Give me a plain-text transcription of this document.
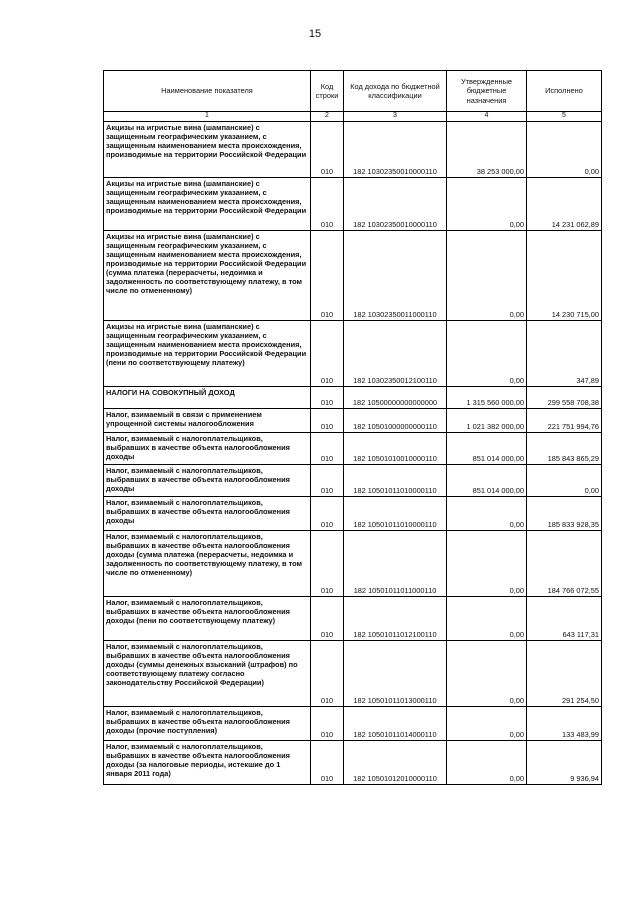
15
Наименование показателя	Код строки	Код дохода по бюджетной классификации	Утвержденные бюджетные назначения	Исполнено
1	2	3	4	5
Акцизы на игристые вина (шампанские) с защищенным географическим указанием, с защищенным наименованием места происхождения, производимые на территории Российской Федерации	010	182 10302350010000110	38 253 000,00	0,00
Акцизы на игристые вина (шампанские) с защищенным географическим указанием, с защищенным наименованием места происхождения, производимые на территории Российской Федерации	010	182 10302350010000110	0,00	14 231 062,89
Акцизы на игристые вина (шампанские) с защищенным географическим указанием, с защищенным наименованием места происхождения, производимые на территории Российской Федерации (сумма платежа (перерасчеты, недоимка и задолженность по соответствующему платежу, в том числе по отмененному)	010	182 10302350011000110	0,00	14 230 715,00
Акцизы на игристые вина (шампанские) с защищенным географическим указанием, с защищенным наименованием места происхождения, производимые на территории Российской Федерации (пени по соответствующему платежу)	010	182 10302350012100110	0,00	347,89
НАЛОГИ НА СОВОКУПНЫЙ ДОХОД	010	182 10500000000000000	1 315 560 000,00	299 558 708,38
Налог, взимаемый в связи с применением упрощенной системы налогообложения	010	182 10501000000000110	1 021 382 000,00	221 751 994,76
Налог, взимаемый с налогоплательщиков, выбравших в качестве объекта налогообложения доходы	010	182 10501010010000110	851 014 000,00	185 843 865,29
Налог, взимаемый с налогоплательщиков, выбравших в качестве объекта налогообложения доходы	010	182 10501011010000110	851 014 000,00	0,00
Налог, взимаемый с налогоплательщиков, выбравших в качестве объекта налогообложения доходы	010	182 10501011010000110	0,00	185 833 928,35
Налог, взимаемый с налогоплательщиков, выбравших в качестве объекта налогообложения доходы (сумма платежа (перерасчеты, недоимка и задолженность по соответствующему платежу, в том числе по отмененному)	010	182 10501011011000110	0,00	184 766 072,55
Налог, взимаемый с налогоплательщиков, выбравших в качестве объекта налогообложения доходы (пени по соответствующему платежу)	010	182 10501011012100110	0,00	643 117,31
Налог, взимаемый с налогоплательщиков, выбравших в качестве объекта налогообложения доходы (суммы денежных взысканий (штрафов) по соответствующему платежу согласно законодательству Российской Федерации)	010	182 10501011013000110	0,00	291 254,50
Налог, взимаемый с налогоплательщиков, выбравших в качестве объекта налогообложения доходы (прочие поступления)	010	182 10501011014000110	0,00	133 483,99
Налог, взимаемый с налогоплательщиков, выбравших в качестве объекта налогообложения доходы (за налоговые периоды, истекшие до 1 января 2011 года)	010	182 10501012010000110	0,00	9 936,94
